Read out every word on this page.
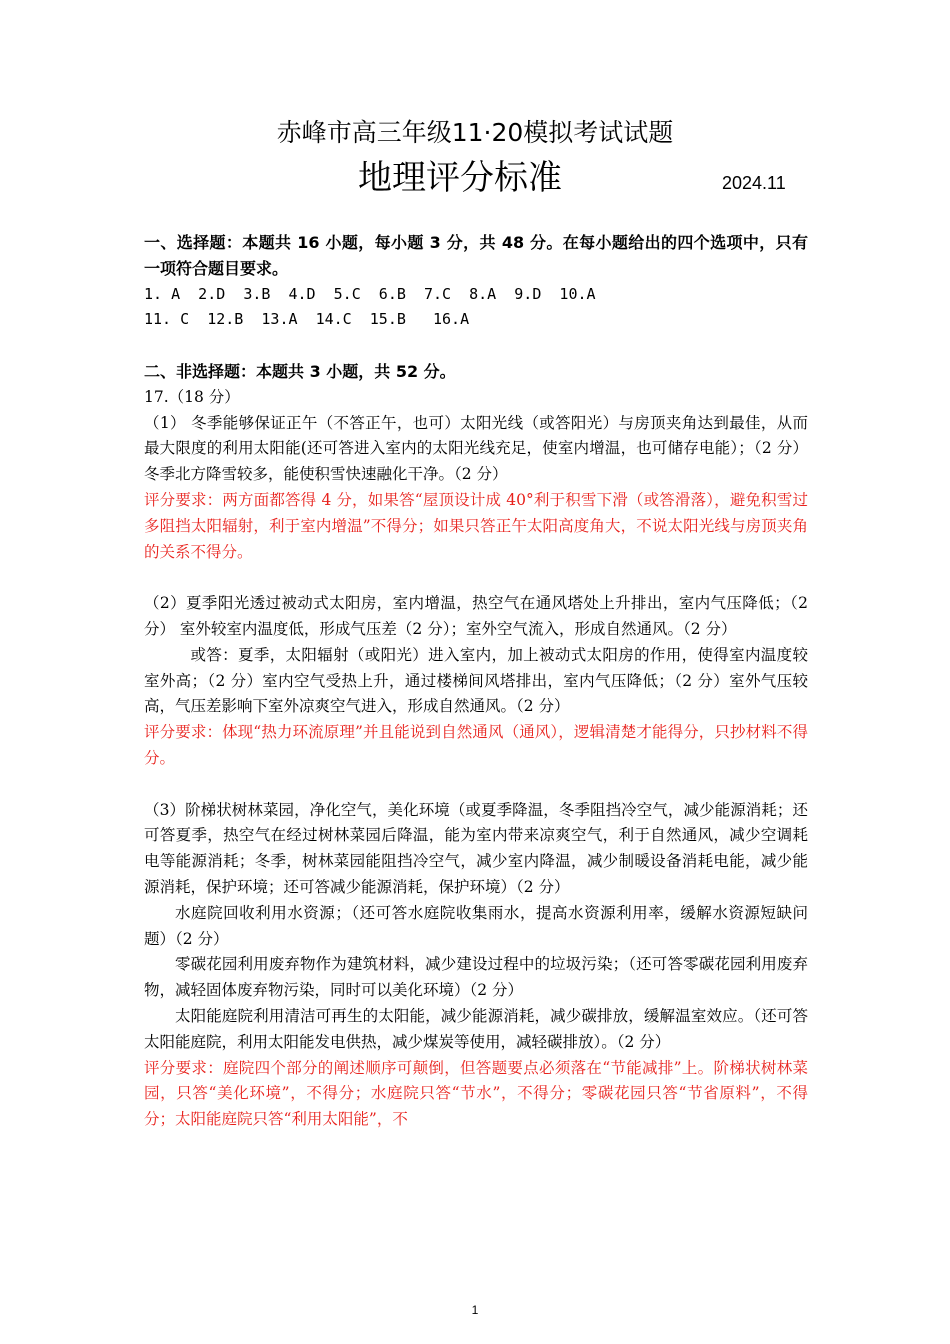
赤峰市高三年级11·20模拟考试试题
地理评分标准	2024.11

一、选择题：本题共 16 小题，每小题 3 分，共 48 分。在每小题给出的四个选项中，只有一项符合题目要求。

1. A  2.D  3.B  4.D  5.C  6.B  7.C  8.A  9.D  10.A

11. C  12.B  13.A  14.C  15.B   16.A

二、非选择题：本题共 3 小题，共 52 分。

17.（18 分）

（1） 冬季能够保证正午（不答正午，也可）太阳光线（或答阳光）与房顶夹角达到最佳，从而最大限度的利用太阳能(还可答进入室内的太阳光线充足，使室内增温，也可储存电能）；（2 分）冬季北方降雪较多，能使积雪快速融化干净。（2 分）

评分要求：两方面都答得 4 分，如果答“屋顶设计成 40°利于积雪下滑（或答滑落），避免积雪过多阻挡太阳辐射，利于室内增温”不得分；如果只答正午太阳高度角大，不说太阳光线与房顶夹角的关系不得分。

（2）夏季阳光透过被动式太阳房，室内增温，热空气在通风塔处上升排出，室内气压降低；（2 分） 室外较室内温度低，形成气压差（2 分）；室外空气流入，形成自然通风。（2 分）

或答：夏季，太阳辐射（或阳光）进入室内，加上被动式太阳房的作用，使得室内温度较室外高；（2 分）室内空气受热上升，通过楼梯间风塔排出，室内气压降低；（2 分）室外气压较高，气压差影响下室外凉爽空气进入，形成自然通风。（2 分）

评分要求：体现“热力环流原理”并且能说到自然通风（通风），逻辑清楚才能得分，只抄材料不得分。

（3）阶梯状树林菜园，净化空气，美化环境（或夏季降温，冬季阻挡冷空气，减少能源消耗；还可答夏季，热空气在经过树林菜园后降温，能为室内带来凉爽空气，利于自然通风，减少空调耗电等能源消耗；冬季，树林菜园能阻挡冷空气，减少室内降温，减少制暖设备消耗电能，减少能源消耗，保护环境；还可答减少能源消耗，保护环境）（2 分）

水庭院回收利用水资源；（还可答水庭院收集雨水，提高水资源利用率，缓解水资源短缺问题）（2 分）

零碳花园利用废弃物作为建筑材料，减少建设过程中的垃圾污染；（还可答零碳花园利用废弃物，减轻固体废弃物污染，同时可以美化环境）（2 分）

太阳能庭院利用清洁可再生的太阳能，减少能源消耗，减少碳排放，缓解温室效应。（还可答太阳能庭院，利用太阳能发电供热，减少煤炭等使用，减轻碳排放）。（2 分）

评分要求：庭院四个部分的阐述顺序可颠倒，但答题要点必须落在“节能减排”上。阶梯状树林菜园，只答“美化环境”，不得分；水庭院只答“节水”，不得分；零碳花园只答“节省原料”，不得分；太阳能庭院只答“利用太阳能”，不

1
